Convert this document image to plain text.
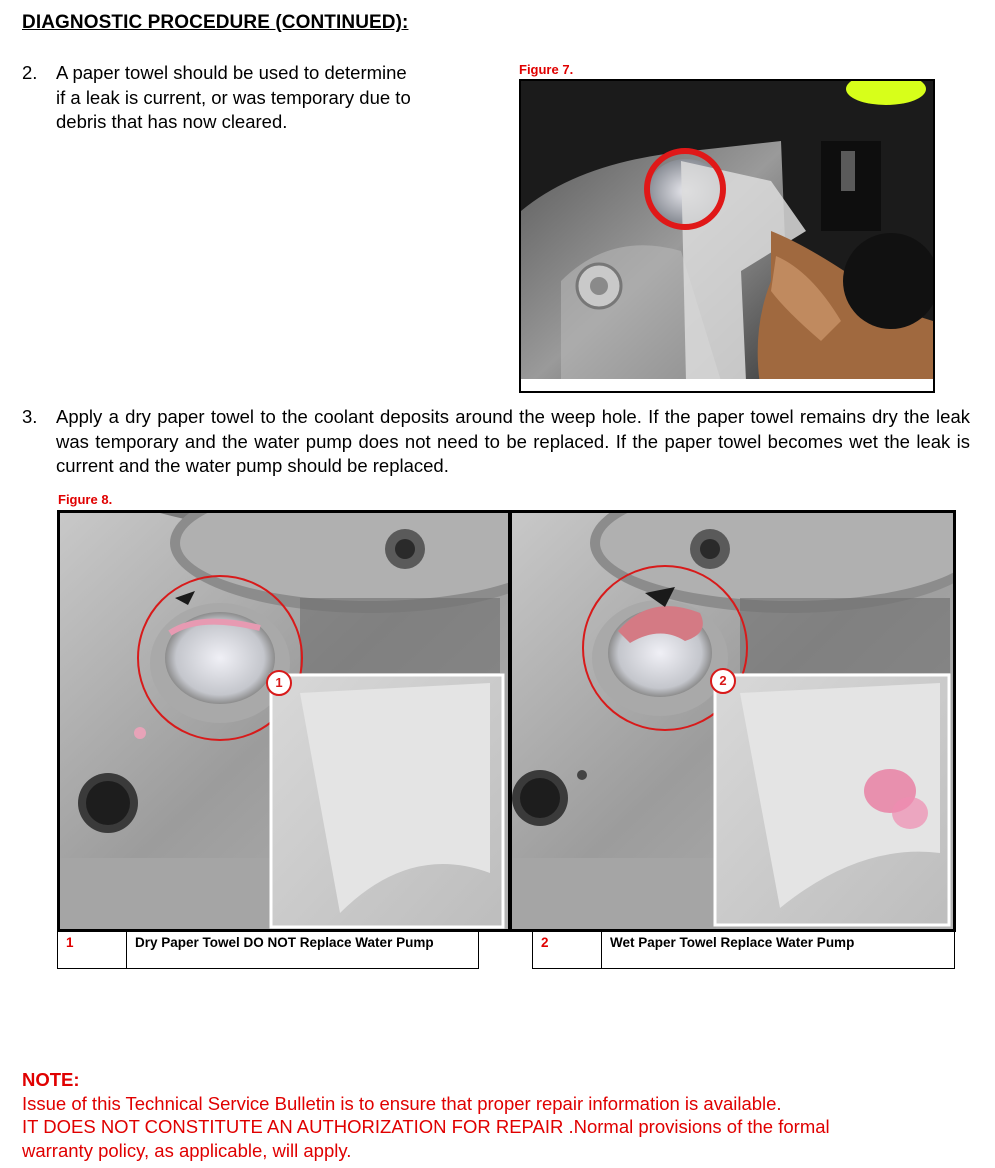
DIAGNOSTIC PROCEDURE (CONTINUED):
2. A paper towel should be used to determine
if a leak is current, or was temporary due to
debris that has now cleared.
Figure 7.
3. Apply a dry paper towel to the coolant deposits around the weep hole. If the paper towel remains dry the leak was temporary and the water pump does not need to be replaced. If the paper towel becomes wet the leak is current and the water pump should be replaced.
Figure 8.
1	2
1	Dry Paper Towel DO NOT Replace Water Pump	2	Wet Paper Towel Replace Water Pump
NOTE:
Issue of this Technical Service Bulletin is to ensure that proper repair information is available.
IT DOES NOT CONSTITUTE AN AUTHORIZATION FOR REPAIR .Normal provisions of the formal
warranty policy, as applicable, will apply.
